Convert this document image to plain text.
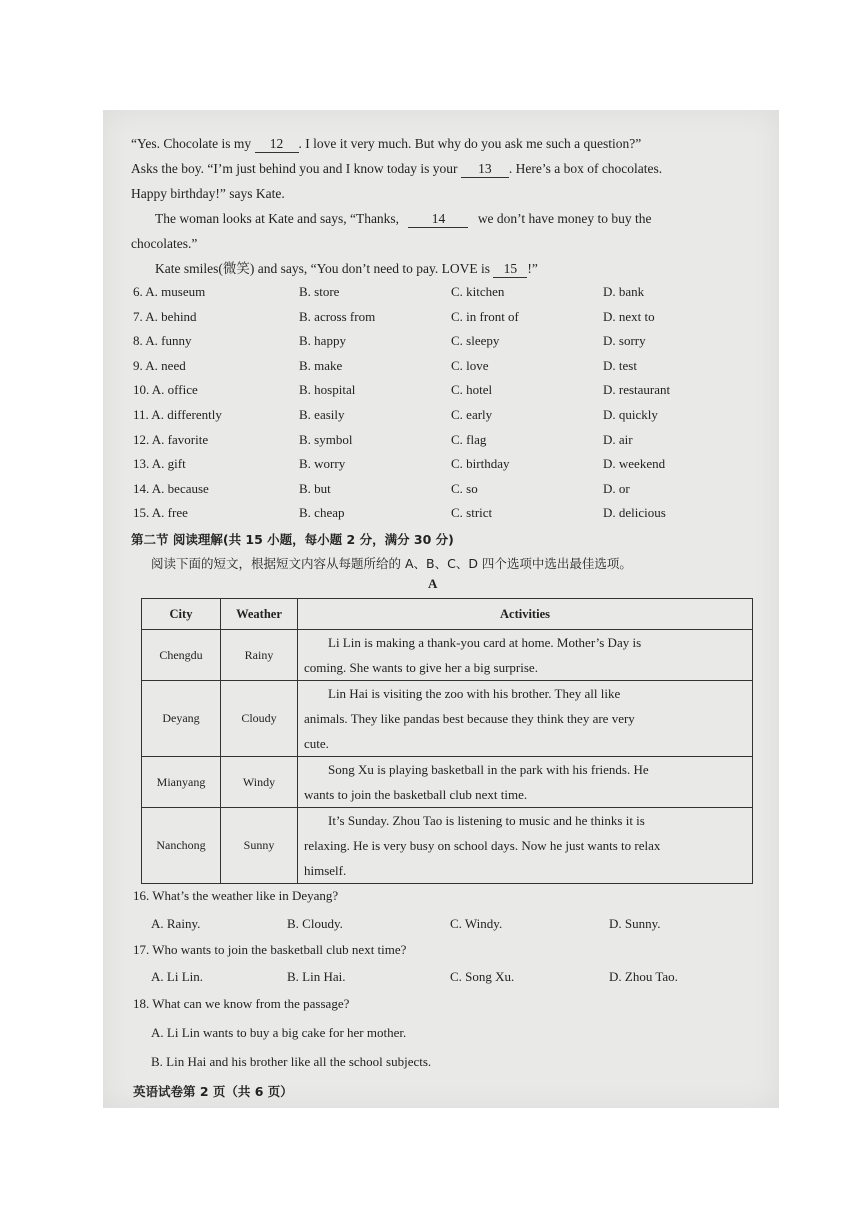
“Yes. Chocolate is my 12 . I love it very much. But why do you ask me such a question?”
Asks the boy. “I’m just behind you and I know today is your 13 . Here’s a box of chocolates.
Happy birthday!” says Kate.
The woman looks at Kate and says, “Thanks, 14 we don’t have money to buy the
chocolates.”
Kate smiles(微笑) and says, “You don’t need to pay. LOVE is 15 !”
6. A. museum	B. store	C. kitchen	D. bank
7. A. behind	B. across from	C. in front of	D. next to
8. A. funny	B. happy	C. sleepy	D. sorry
9. A. need	B. make	C. love	D. test
10. A. office	B. hospital	C. hotel	D. restaurant
11. A. differently	B. easily	C. early	D. quickly
12. A. favorite	B. symbol	C. flag	D. air
13. A. gift	B. worry	C. birthday	D. weekend
14. A. because	B. but	C. so	D. or
15. A. free	B. cheap	C. strict	D. delicious
第二节 阅读理解(共 15 小题，每小题 2 分，满分 30 分)
阅读下面的短文，根据短文内容从每题所给的 A、B、C、D 四个选项中选出最佳选项。
A
City	Weather	Activities
Chengdu	Rainy	Li Lin is making a thank-you card at home. Mother’s Day is
coming. She wants to give her a big surprise.

Deyang	Cloudy	Lin Hai is visiting the zoo with his brother. They all like
animals. They like pandas best because they think they are very
cute.

Mianyang	Windy	Song Xu is playing basketball in the park with his friends. He
wants to join the basketball club next time.

Nanchong	Sunny	It’s Sunday. Zhou Tao is listening to music and he thinks it is
relaxing. He is very busy on school days. Now he just wants to relax
himself.
16. What’s the weather like in Deyang?
A. Rainy.	B. Cloudy.	C. Windy.	D. Sunny.
17. Who wants to join the basketball club next time?
A. Li Lin.	B. Lin Hai.	C. Song Xu.	D. Zhou Tao.
18. What can we know from the passage?
A. Li Lin wants to buy a big cake for her mother.
B. Lin Hai and his brother like all the school subjects.
英语试卷第 2 页（共 6 页）
